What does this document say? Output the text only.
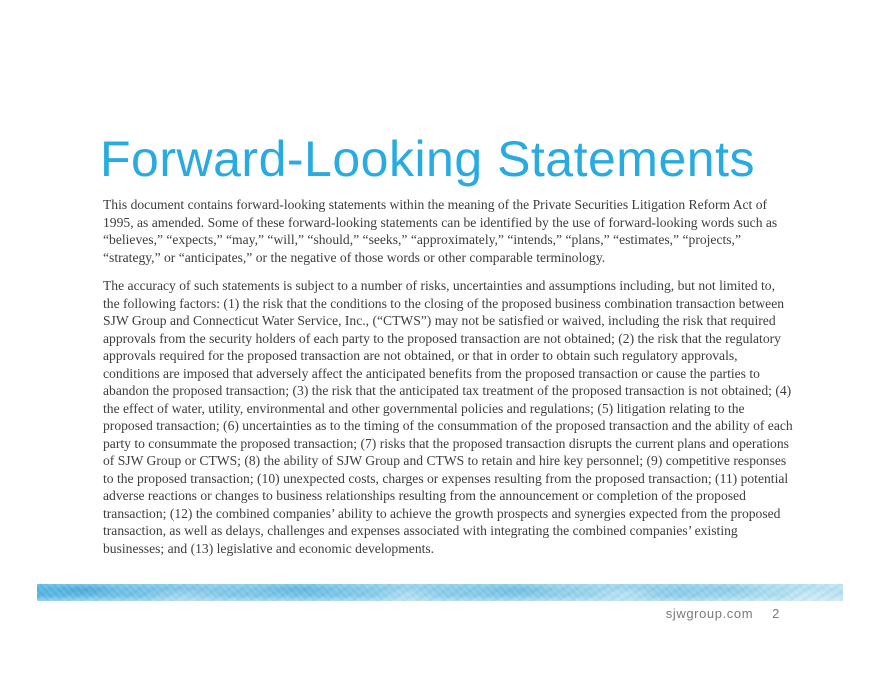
Forward-Looking Statements

This document contains forward-looking statements within the meaning of the Private Securities Litigation Reform Act of 1995, as amended. Some of these forward-looking statements can be identified by the use of forward-looking words such as “believes,” “expects,” “may,” “will,” “should,” “seeks,” “approximately,” “intends,” “plans,” “estimates,” “projects,” “strategy,” or “anticipates,” or the negative of those words or other comparable terminology.

The accuracy of such statements is subject to a number of risks, uncertainties and assumptions including, but not limited to, the following factors: (1) the risk that the conditions to the closing of the proposed business combination transaction between SJW Group and Connecticut Water Service, Inc., (“CTWS”) may not be satisfied or waived, including the risk that required approvals from the security holders of each party to the proposed transaction are not obtained; (2) the risk that the regulatory approvals required for the proposed transaction are not obtained, or that in order to obtain such regulatory approvals, conditions are imposed that adversely affect the anticipated benefits from the proposed transaction or cause the parties to abandon the proposed transaction; (3) the risk that the anticipated tax treatment of the proposed transaction is not obtained; (4) the effect of water, utility, environmental and other governmental policies and regulations; (5) litigation relating to the proposed transaction; (6) uncertainties as to the timing of the consummation of the proposed transaction and the ability of each party to consummate the proposed transaction; (7) risks that the proposed transaction disrupts the current plans and operations of SJW Group or CTWS; (8) the ability of SJW Group and CTWS to retain and hire key personnel; (9) competitive responses to the proposed transaction; (10) unexpected costs, charges or expenses resulting from the proposed transaction; (11) potential adverse reactions or changes to business relationships resulting from the announcement or completion of the proposed transaction; (12) the combined companies’ ability to achieve the growth prospects and synergies expected from the proposed transaction, as well as delays, challenges and expenses associated with integrating the combined companies’ existing businesses; and (13) legislative and economic developments.

sjwgroup.com 2
